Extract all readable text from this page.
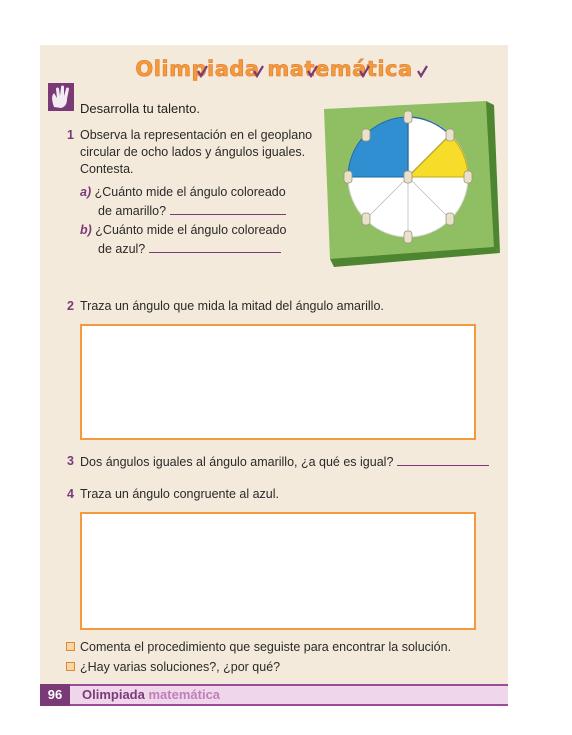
Olimpiada matemática
Desarrolla tu talento.
1 Observa la representación en el geoplano
circular de ocho lados y ángulos iguales.
Contesta.
a) ¿Cuánto mide el ángulo coloreado
de amarillo?
b) ¿Cuánto mide el ángulo coloreado
de azul?
2 Traza un ángulo que mida la mitad del ángulo amarillo.
3 Dos ángulos iguales al ángulo amarillo, ¿a qué es igual?
4 Traza un ángulo congruente al azul.
Comenta el procedimiento que seguiste para encontrar la solución.
¿Hay varias soluciones?, ¿por qué?
96	Olimpiada matemática
